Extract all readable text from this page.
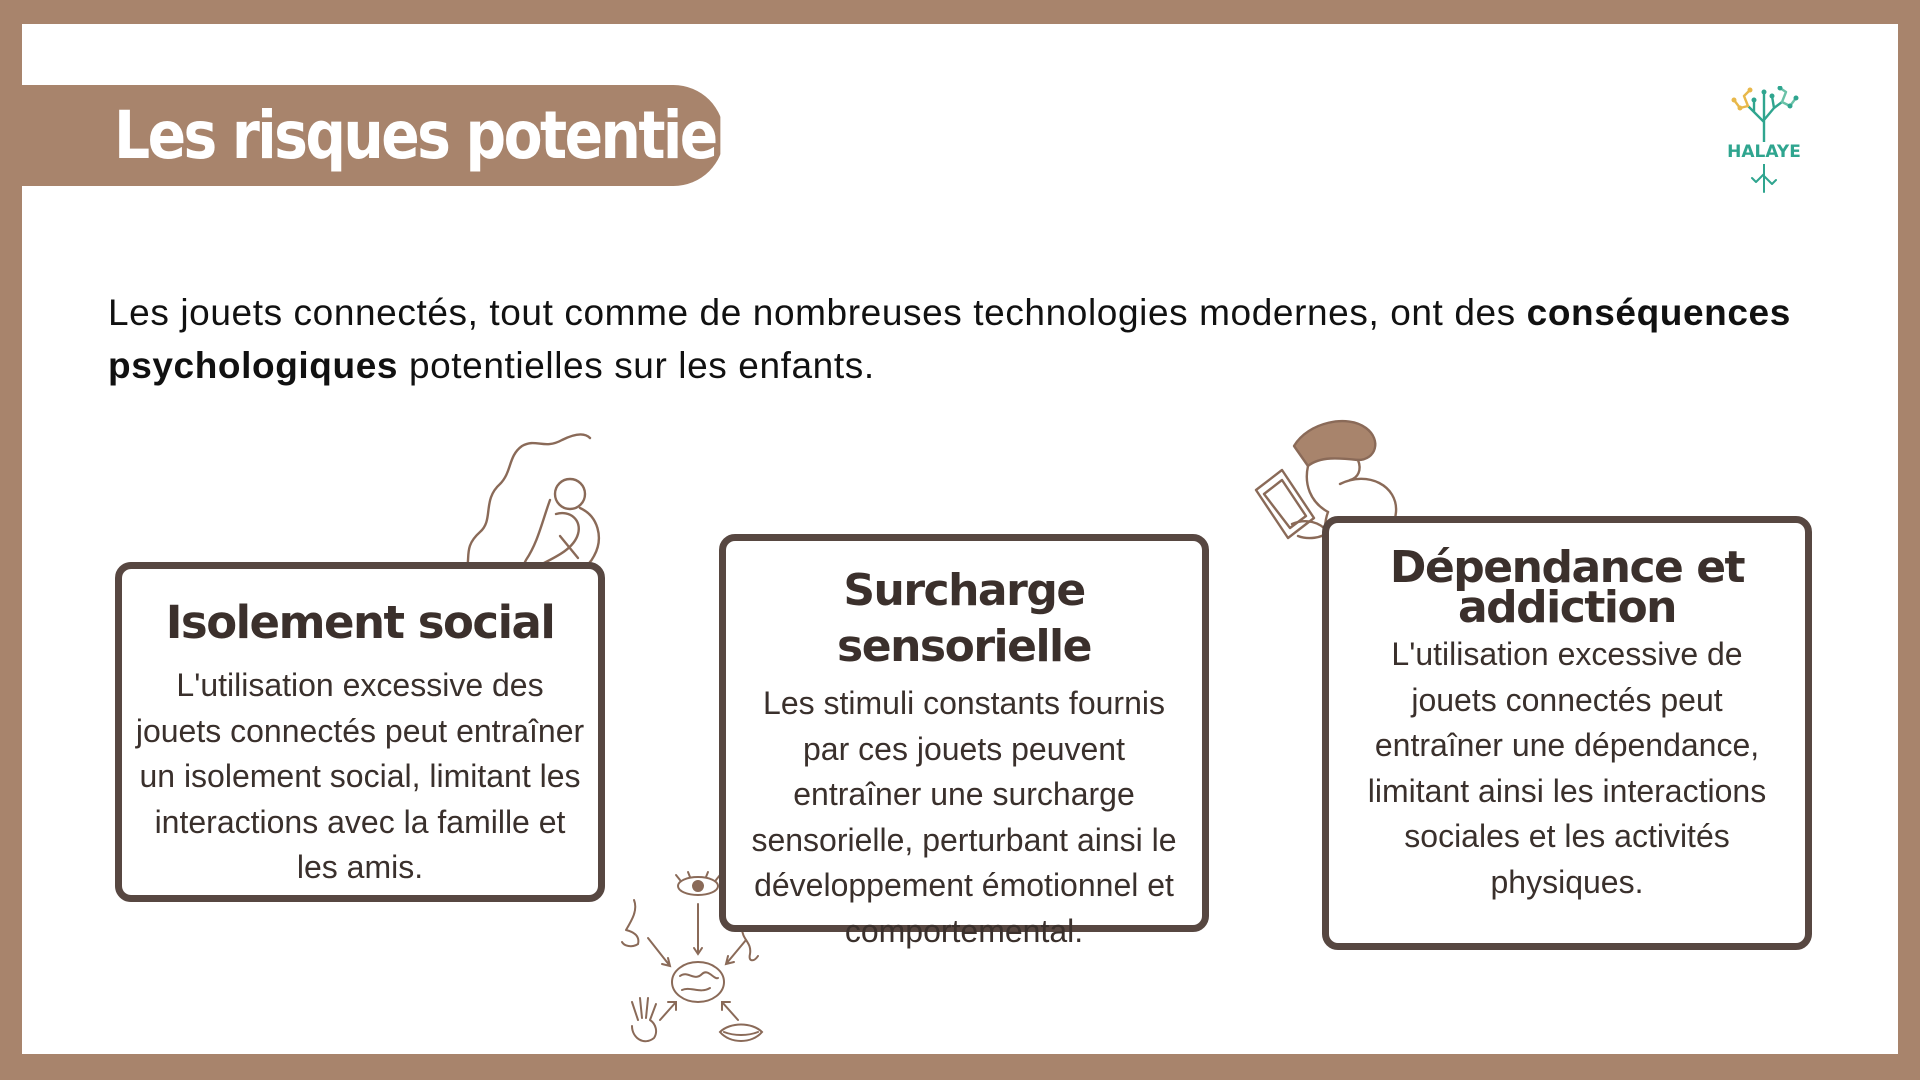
Les risques potentiels	HALAYE
Les jouets connectés, tout comme de nombreuses technologies modernes, ont des conséquences psychologiques potentielles sur les enfants.
Isolement social

L'utilisation excessive des jouets connectés peut entraîner un isolement social, limitant les interactions avec la famille et les amis.

Surcharge sensorielle

Les stimuli constants fournis par ces jouets peuvent entraîner une surcharge sensorielle, perturbant ainsi le développement émotionnel et comportemental.

Dépendance et addiction

L'utilisation excessive de jouets connectés peut entraîner une dépendance, limitant ainsi les interactions sociales et les activités physiques.
